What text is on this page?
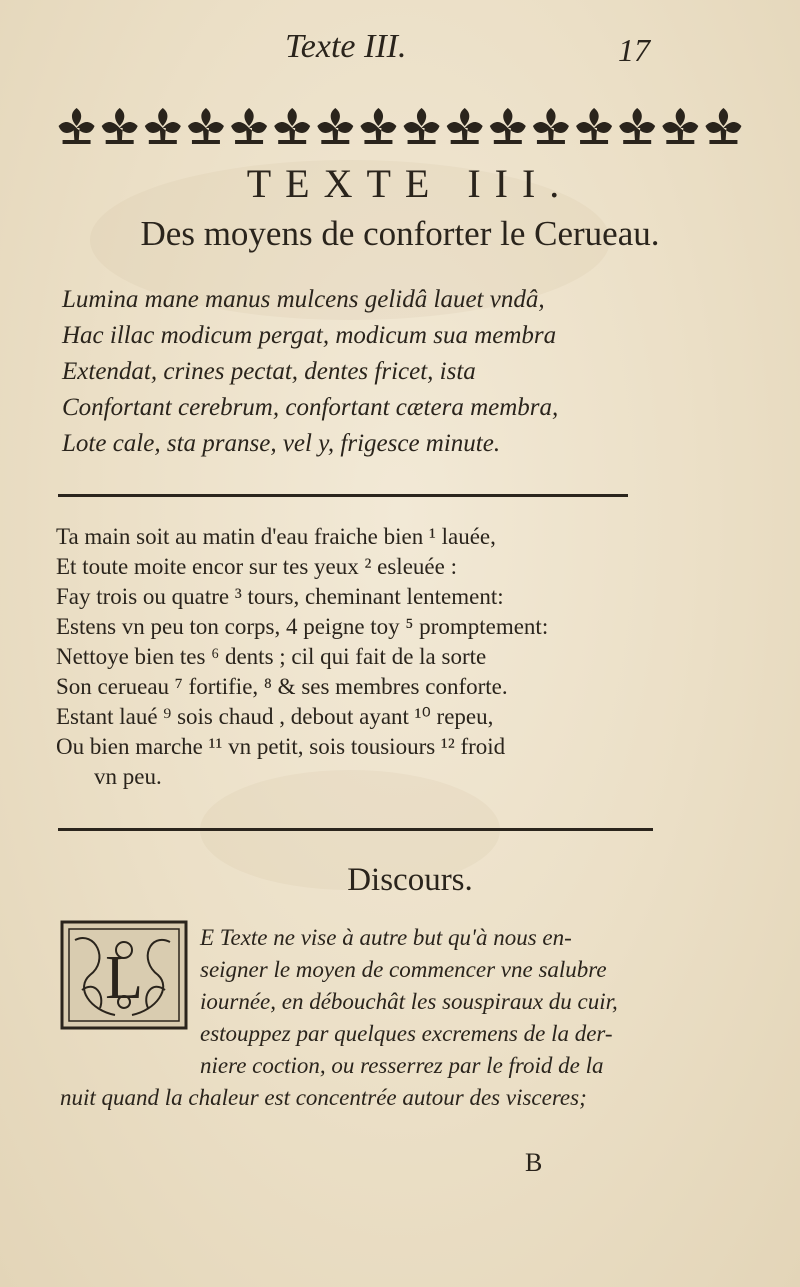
Texte III.	17
TEXTE III.
Des moyens de conforter le Cerueau.
Lumina mane manus mulcens gelidâ lauet vndâ,
Hac illac modicum pergat, modicum sua membra
Extendat, crines pectat, dentes fricet, ista
Confortant cerebrum, confortant cætera membra,
Lote cale, sta pranse, vel y, frigesce minute.
Ta main soit au matin d'eau fraiche bien ¹ lauée,
Et toute moite encor sur tes yeux ² esleuée :
Fay trois ou quatre ³ tours, cheminant lentement:
Estens vn peu ton corps, 4 peigne toy ⁵ promptement:
Nettoye bien tes ⁶ dents ; cil qui fait de la sorte
Son cerueau ⁷ fortifie, ⁸ & ses membres conforte.
Estant laué ⁹ sois chaud , debout ayant ¹⁰ repeu,
Ou bien marche ¹¹ vn petit, sois tousiours ¹² froid
vn peu.
Discours.
L
E Texte ne vise à autre but qu'à nous en-
seigner le moyen de commencer vne salubre
iournée, en débouchât les souspiraux du cuir,
estouppez par quelques excremens de la der-
niere coction, ou resserrez par le froid de la
nuit quand la chaleur est concentrée autour des visceres;
B
